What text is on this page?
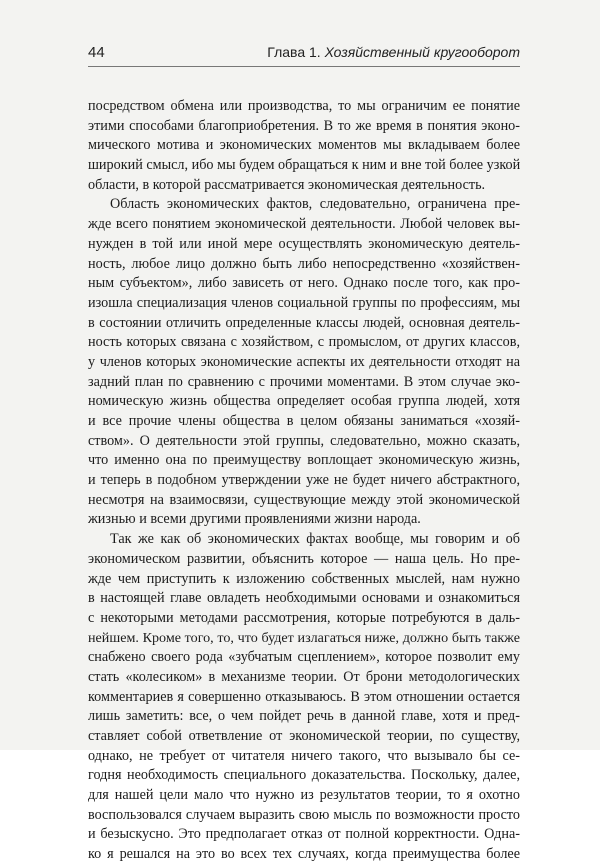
44	Глава 1. Хозяйственный кругооборот
посредством обмена или производства, то мы ограничим ее понятие
этими способами благоприобретения. В то же время в понятия эконо-
мического мотива и экономических моментов мы вкладываем более
широкий смысл, ибо мы будем обращаться к ним и вне той более узкой
области, в которой рассматривается экономическая деятельность.
Область экономических фактов, следовательно, ограничена пре-
жде всего понятием экономической деятельности. Любой человек вы-
нужден в той или иной мере осуществлять экономическую деятель-
ность, любое лицо должно быть либо непосредственно «хозяйствен-
ным субъектом», либо зависеть от него. Однако после того, как про-
изошла специализация членов социальной группы по профессиям, мы
в состоянии отличить определенные классы людей, основная деятель-
ность которых связана с хозяйством, с промыслом, от других классов,
у членов которых экономические аспекты их деятельности отходят на
задний план по сравнению с прочими моментами. В этом случае эко-
номическую жизнь общества определяет особая группа людей, хотя
и все прочие члены общества в целом обязаны заниматься «хозяй-
ством». О деятельности этой группы, следовательно, можно сказать,
что именно она по преимуществу воплощает экономическую жизнь,
и теперь в подобном утверждении уже не будет ничего абстрактного,
несмотря на взаимосвязи, существующие между этой экономической
жизнью и всеми другими проявлениями жизни народа.
Так же как об экономических фактах вообще, мы говорим и об
экономическом развитии, объяснить которое — наша цель. Но пре-
жде чем приступить к изложению собственных мыслей, нам нужно
в настоящей главе овладеть необходимыми основами и ознакомиться
с некоторыми методами рассмотрения, которые потребуются в даль-
нейшем. Кроме того, то, что будет излагаться ниже, должно быть также
снабжено своего рода «зубчатым сцеплением», которое позволит ему
стать «колесиком» в механизме теории. От брони методологических
комментариев я совершенно отказываюсь. В этом отношении остается
лишь заметить: все, о чем пойдет речь в данной главе, хотя и пред-
ставляет собой ответвление от экономической теории, по существу,
однако, не требует от читателя ничего такого, что вызывало бы се-
годня необходимость специального доказательства. Поскольку, далее,
для нашей цели мало что нужно из результатов теории, то я охотно
воспользовался случаем выразить свою мысль по возможности просто
и безыскусно. Это предполагает отказ от полной корректности. Одна-
ко я решался на это во всех тех случаях, когда преимущества более
